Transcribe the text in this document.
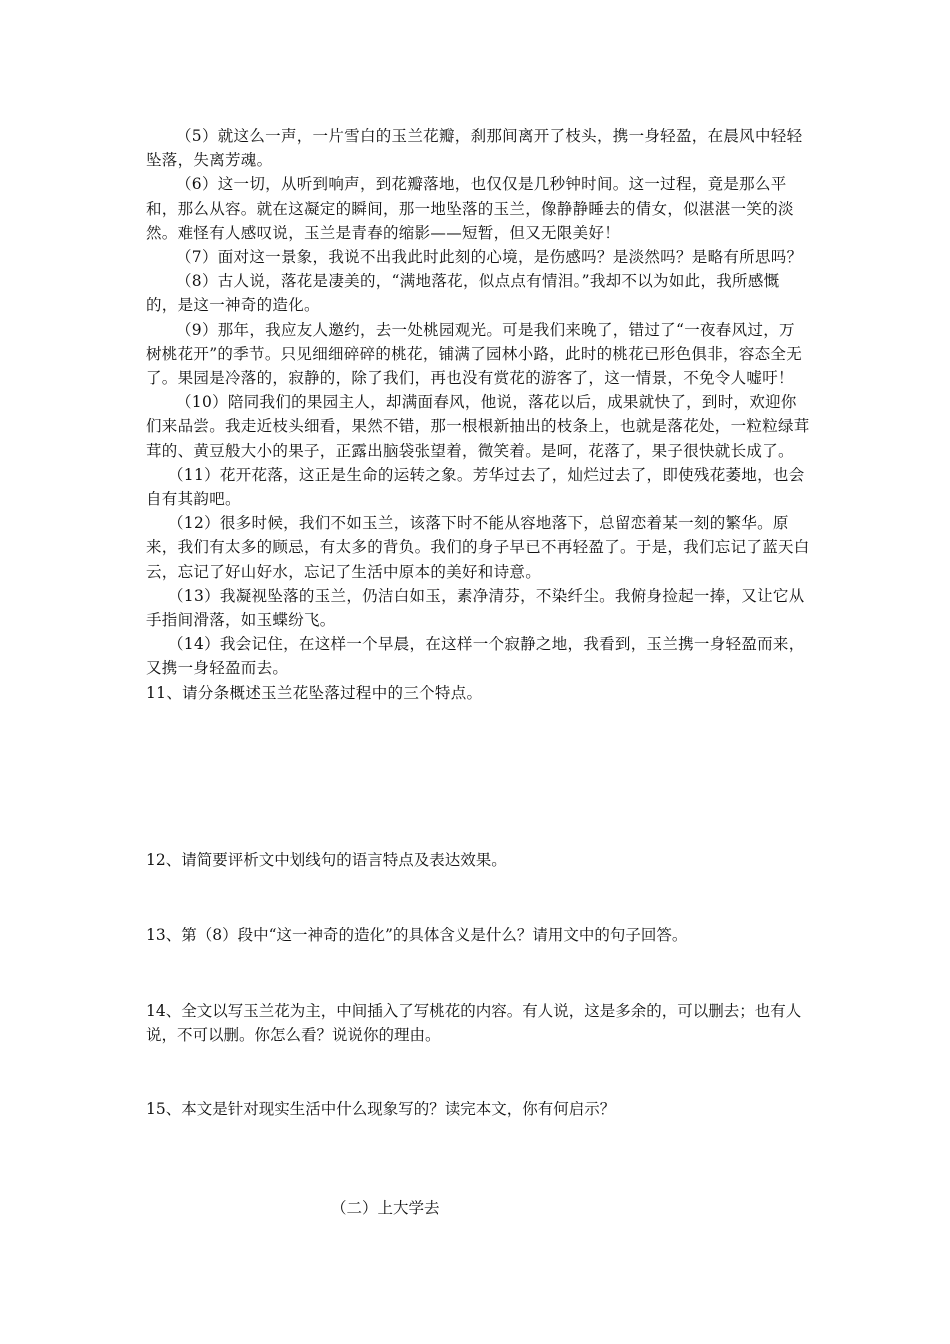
（5）就这么一声，一片雪白的玉兰花瓣，刹那间离开了枝头，携一身轻盈，在晨风中轻轻坠落，失离芳魂。

（6）这一切，从听到响声，到花瓣落地，也仅仅是几秒钟时间。这一过程，竟是那么平和，那么从容。就在这凝定的瞬间，那一地坠落的玉兰，像静静睡去的倩女，似湛湛一笑的淡然。难怪有人感叹说，玉兰是青春的缩影——短暂，但又无限美好！

（7）面对这一景象，我说不出我此时此刻的心境，是伤感吗？是淡然吗？是略有所思吗？

（8）古人说，落花是凄美的，“满地落花，似点点有情泪。”我却不以为如此，我所感慨的，是这一神奇的造化。

（9）那年，我应友人邀约，去一处桃园观光。可是我们来晚了，错过了“一夜春风过，万树桃花开”的季节。只见细细碎碎的桃花，铺满了园林小路，此时的桃花已形色俱非，容态全无了。果园是冷落的，寂静的，除了我们，再也没有赏花的游客了，这一情景，不免令人嘘吁！

（10）陪同我们的果园主人，却满面春风，他说，落花以后，成果就快了，到时，欢迎你们来品尝。我走近枝头细看，果然不错，那一根根新抽出的枝条上，也就是落花处，一粒粒绿茸茸的、黄豆般大小的果子，正露出脑袋张望着，微笑着。是呵，花落了，果子很快就长成了。

（11）花开花落，这正是生命的运转之象。芳华过去了，灿烂过去了，即使残花萎地，也会自有其韵吧。

（12）很多时候，我们不如玉兰，该落下时不能从容地落下，总留恋着某一刻的繁华。原来，我们有太多的顾忌，有太多的背负。我们的身子早已不再轻盈了。于是，我们忘记了蓝天白云，忘记了好山好水，忘记了生活中原本的美好和诗意。

（13）我凝视坠落的玉兰，仍洁白如玉，素净清芬，不染纤尘。我俯身捡起一捧，又让它从手指间滑落，如玉蝶纷飞。

（14）我会记住，在这样一个早晨，在这样一个寂静之地，我看到，玉兰携一身轻盈而来，又携一身轻盈而去。

11、请分条概述玉兰花坠落过程中的三个特点。

12、请简要评析文中划线句的语言特点及表达效果。

13、第（8）段中“这一神奇的造化”的具体含义是什么？请用文中的句子回答。

14、全文以写玉兰花为主，中间插入了写桃花的内容。有人说，这是多余的，可以删去；也有人说，不可以删。你怎么看？说说你的理由。

15、本文是针对现实生活中什么现象写的？读完本文，你有何启示？

（二）上大学去
